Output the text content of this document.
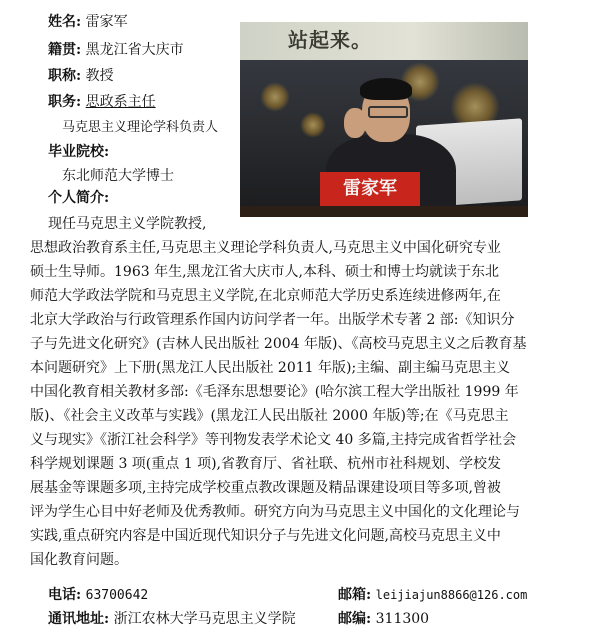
姓名: 雷家军
籍贯: 黑龙江省大庆市
职称: 教授
职务: 思政系主任
马克思主义理论学科负责人
毕业院校:
东北师范大学博士
个人简介:
站起来。
雷家军
现任马克思主义学院教授,
思想政治教育系主任,马克思主义理论学科负责人,马克思主义中国化研究专业
硕士生导师。1963 年生,黑龙江省大庆市人,本科、硕士和博士均就读于东北
师范大学政法学院和马克思主义学院,在北京师范大学历史系连续进修两年,在
北京大学政治与行政管理系作国内访问学者一年。出版学术专著 2 部:《知识分
子与先进文化研究》(吉林人民出版社 2004 年版)、《高校马克思主义之后教育基
本问题研究》上下册(黑龙江人民出版社 2011 年版);主编、副主编马克思主义
中国化教育相关教材多部:《毛泽东思想要论》(哈尔滨工程大学出版社 1999 年
版)、《社会主义改革与实践》(黑龙江人民出版社 2000 年版)等;在《马克思主
义与现实》《浙江社会科学》等刊物发表学术论文 40 多篇,主持完成省哲学社会
科学规划课题 3 项(重点 1 项),省教育厅、省社联、杭州市社科规划、学校发
展基金等课题多项,主持完成学校重点教改课题及精品课建设项目等多项,曾被
评为学生心目中好老师及优秀教师。研究方向为马克思主义中国化的文化理论与
实践,重点研究内容是中国近现代知识分子与先进文化问题,高校马克思主义中
国化教育问题。
电话: 63700642	邮箱: leijiajun8866@126.com
通讯地址: 浙江农林大学马克思主义学院	邮编: 311300
